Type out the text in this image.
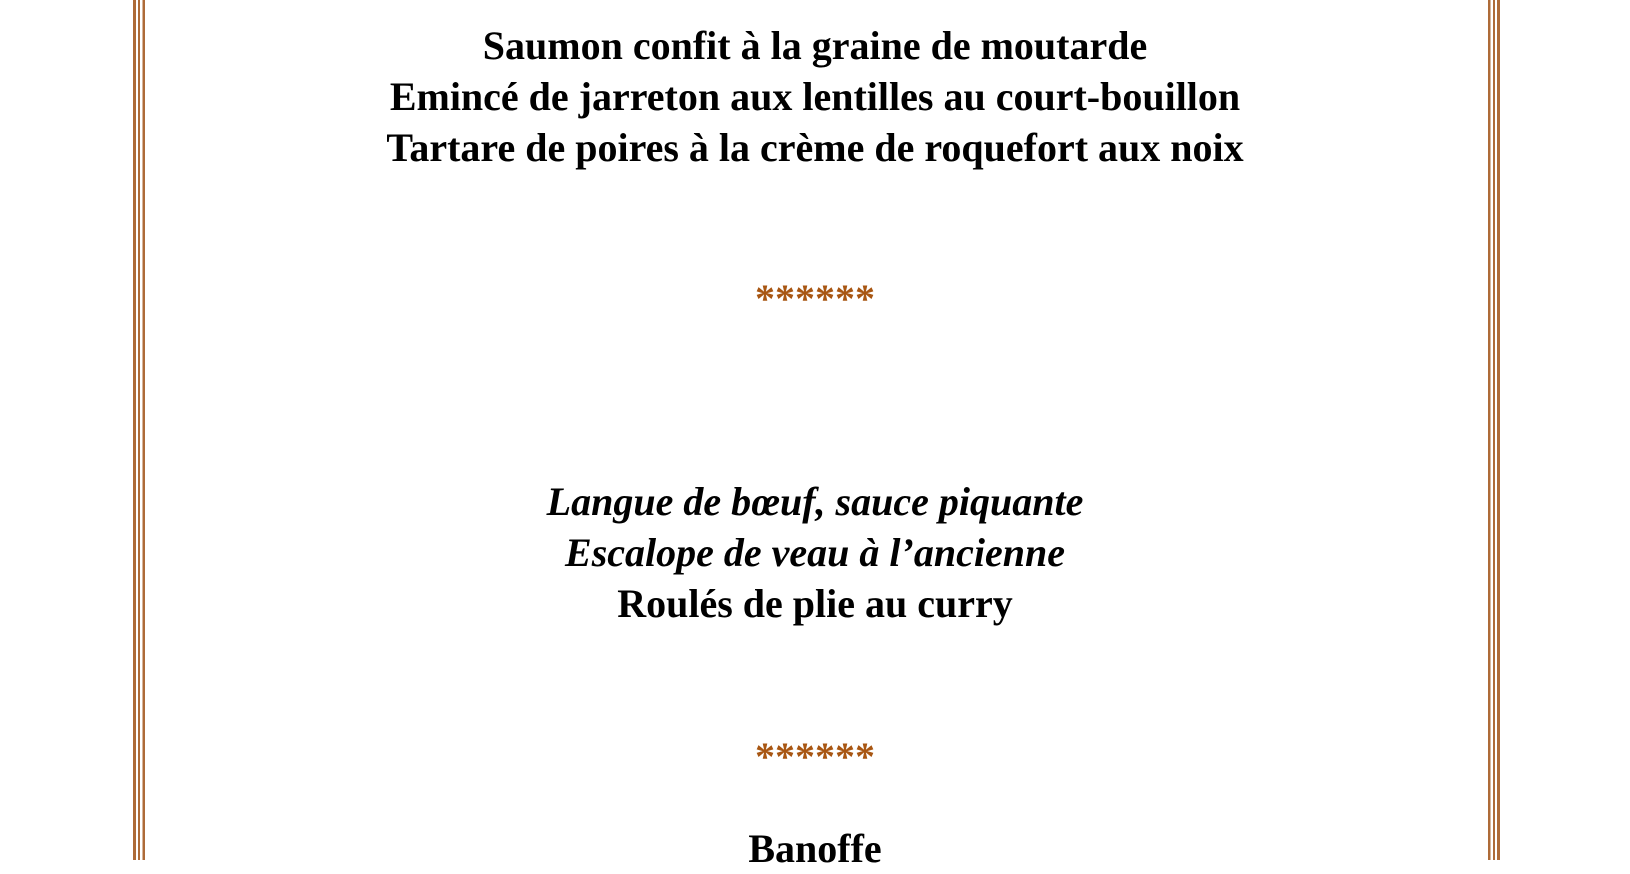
Saumon confit à la graine de moutarde

Emincé de jarreton aux lentilles au court-bouillon

Tartare de poires à la crème de roquefort aux noix

******

Langue de bœuf, sauce piquante

Escalope de veau à l’ancienne

Roulés de plie au curry

******

Banoffe
